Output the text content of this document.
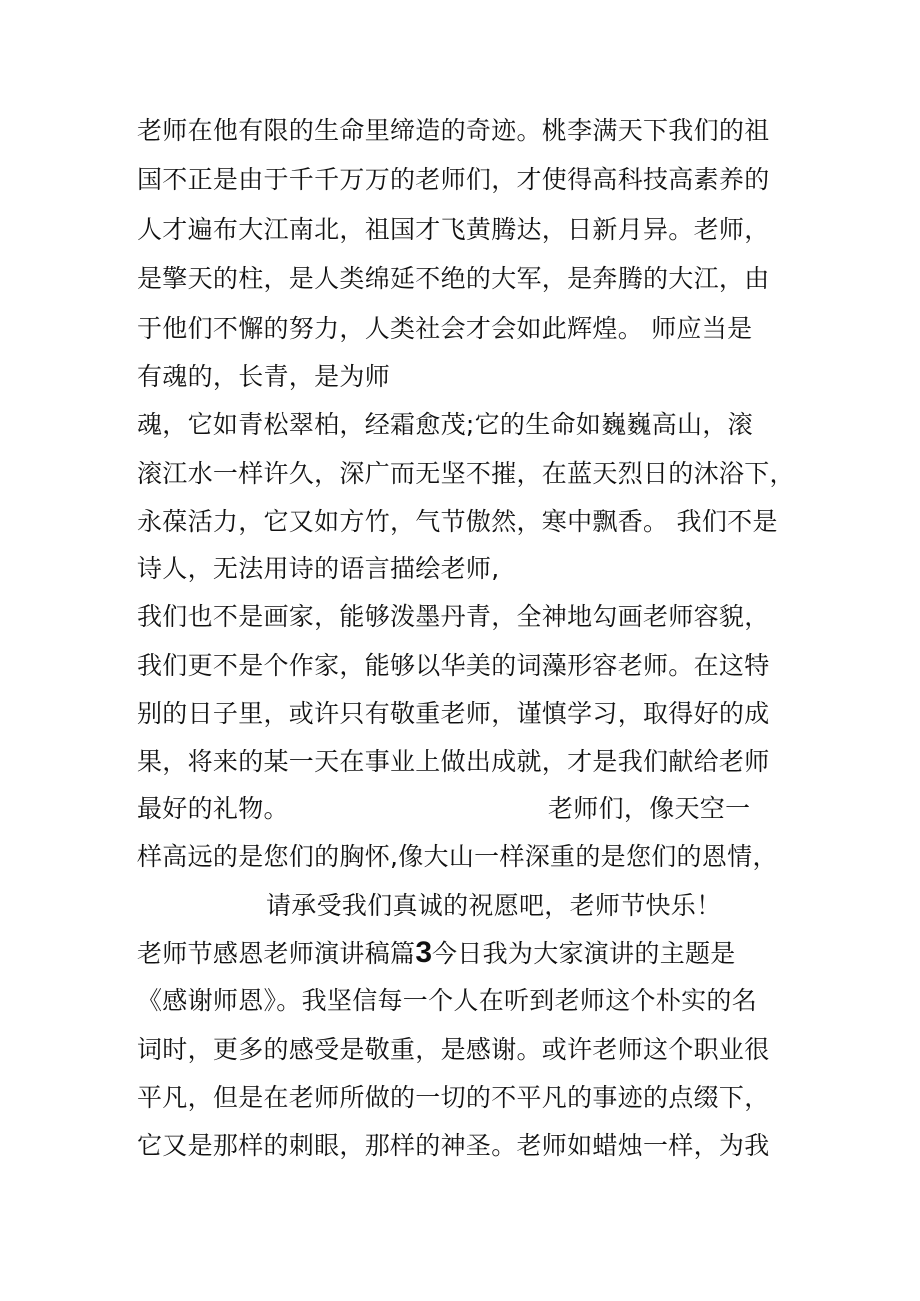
老师在他有限的生命里缔造的奇迹。桃李满天下我们的祖
国不正是由于千千万万的老师们，才使得高科技高素养的
人才遍布大江南北，祖国才飞黄腾达，日新月异。老师，
是擎天的柱，是人类绵延不绝的大军，是奔腾的大江，由
于他们不懈的努力，人类社会才会如此辉煌。 师应当是
有魂的，长青，是为师
魂，它如青松翠柏，经霜愈茂;它的生命如巍巍高山，滚
滚江水一样许久，深广而无坚不摧，在蓝天烈日的沐浴下，
永葆活力，它又如方竹，气节傲然，寒中飘香。 我们不是
诗人，无法用诗的语言描绘老师,
我们也不是画家，能够泼墨丹青，全神地勾画老师容貌，
我们更不是个作家，能够以华美的词藻形容老师。在这特
别的日子里，或许只有敬重老师，谨慎学习，取得好的成
果，将来的某一天在事业上做出成就，才是我们献给老师
最好的礼物。	老师们，像天空一
样高远的是您们的胸怀,像大山一样深重的是您们的恩情，
请承受我们真诚的祝愿吧，老师节快乐！
老师节感恩老师演讲稿篇3今日我为大家演讲的主题是
《感谢师恩》。我坚信每一个人在听到老师这个朴实的名
词时，更多的感受是敬重，是感谢。或许老师这个职业很
平凡，但是在老师所做的一切的不平凡的事迹的点缀下，
它又是那样的刺眼，那样的神圣。老师如蜡烛一样，为我
